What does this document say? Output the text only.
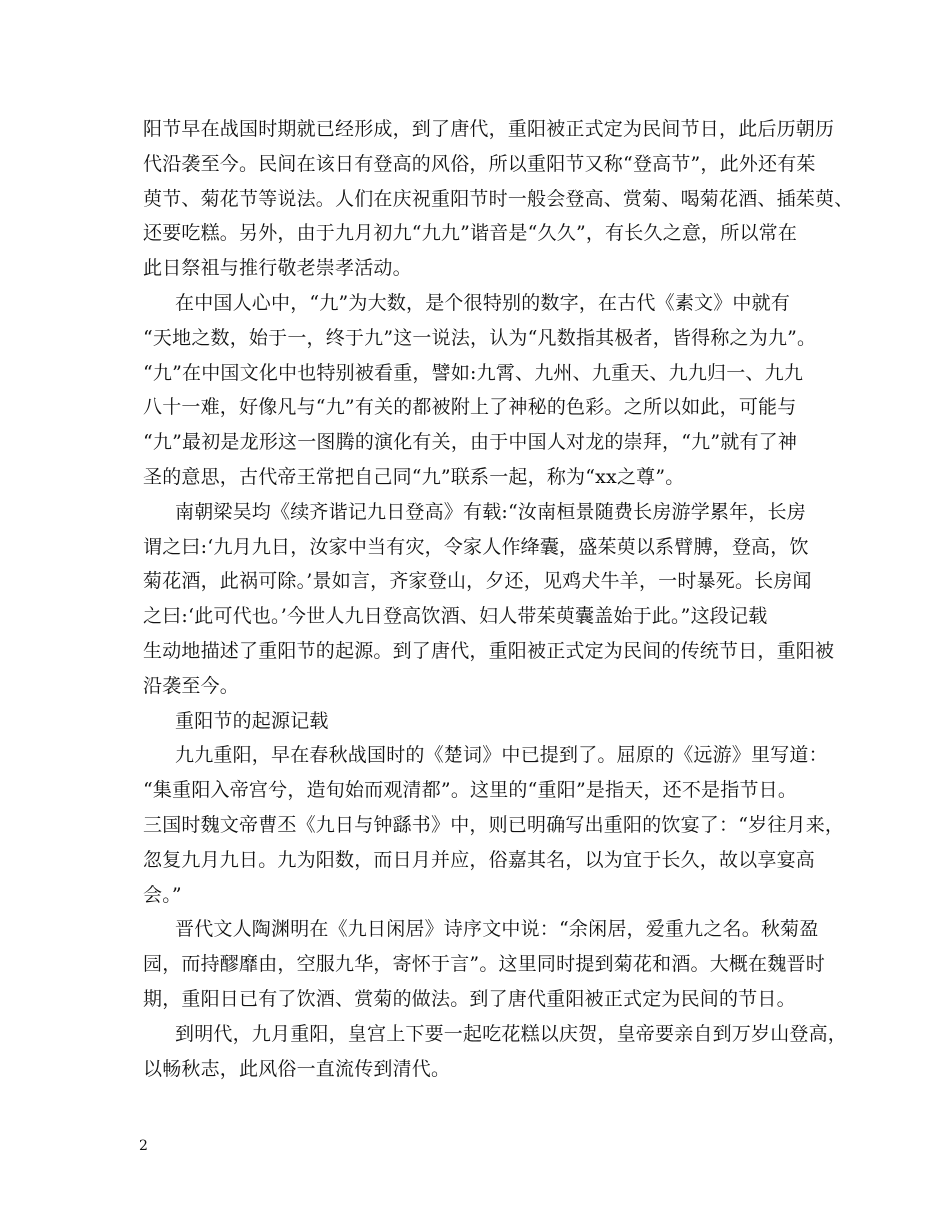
阳节早在战国时期就已经形成，到了唐代，重阳被正式定为民间节日，此后历朝历
代沿袭至今。民间在该日有登高的风俗，所以重阳节又称“登高节”，此外还有茱
萸节、菊花节等说法。人们在庆祝重阳节时一般会登高、赏菊、喝菊花酒、插茱萸、
还要吃糕。另外，由于九月初九“九九”谐音是“久久”，有长久之意，所以常在
此日祭祖与推行敬老崇孝活动。
在中国人心中，“九”为大数，是个很特别的数字，在古代《素文》中就有
“天地之数，始于一，终于九”这一说法，认为“凡数指其极者，皆得称之为九”。
“九”在中国文化中也特别被看重，譬如:九霄、九州、九重天、九九归一、九九
八十一难，好像凡与“九”有关的都被附上了神秘的色彩。之所以如此，可能与
“九”最初是龙形这一图腾的演化有关，由于中国人对龙的崇拜，“九”就有了神
圣的意思，古代帝王常把自己同“九”联系一起，称为“xx之尊”。
南朝梁吴均《续齐谐记九日登高》有载:“汝南桓景随费长房游学累年，长房
谓之曰:‘九月九日，汝家中当有灾，令家人作绛囊，盛茱萸以系臂膊，登高，饮
菊花酒，此祸可除。’景如言，齐家登山，夕还，见鸡犬牛羊，一时暴死。长房闻
之曰:‘此可代也。’今世人九日登高饮酒、妇人带茱萸囊盖始于此。”这段记载
生动地描述了重阳节的起源。到了唐代，重阳被正式定为民间的传统节日，重阳被
沿袭至今。
重阳节的起源记载
九九重阳，早在春秋战国时的《楚词》中已提到了。屈原的《远游》里写道：
“集重阳入帝宫兮，造旬始而观清都”。这里的“重阳”是指天，还不是指节日。
三国时魏文帝曹丕《九日与钟繇书》中，则已明确写出重阳的饮宴了：“岁往月来，
忽复九月九日。九为阳数，而日月并应，俗嘉其名，以为宜于长久，故以享宴高
会。”
晋代文人陶渊明在《九日闲居》诗序文中说：“余闲居，爱重九之名。秋菊盈
园，而持醪靡由，空服九华，寄怀于言”。这里同时提到菊花和酒。大概在魏晋时
期，重阳日已有了饮酒、赏菊的做法。到了唐代重阳被正式定为民间的节日。
到明代，九月重阳，皇宫上下要一起吃花糕以庆贺，皇帝要亲自到万岁山登高，
以畅秋志，此风俗一直流传到清代。
2
